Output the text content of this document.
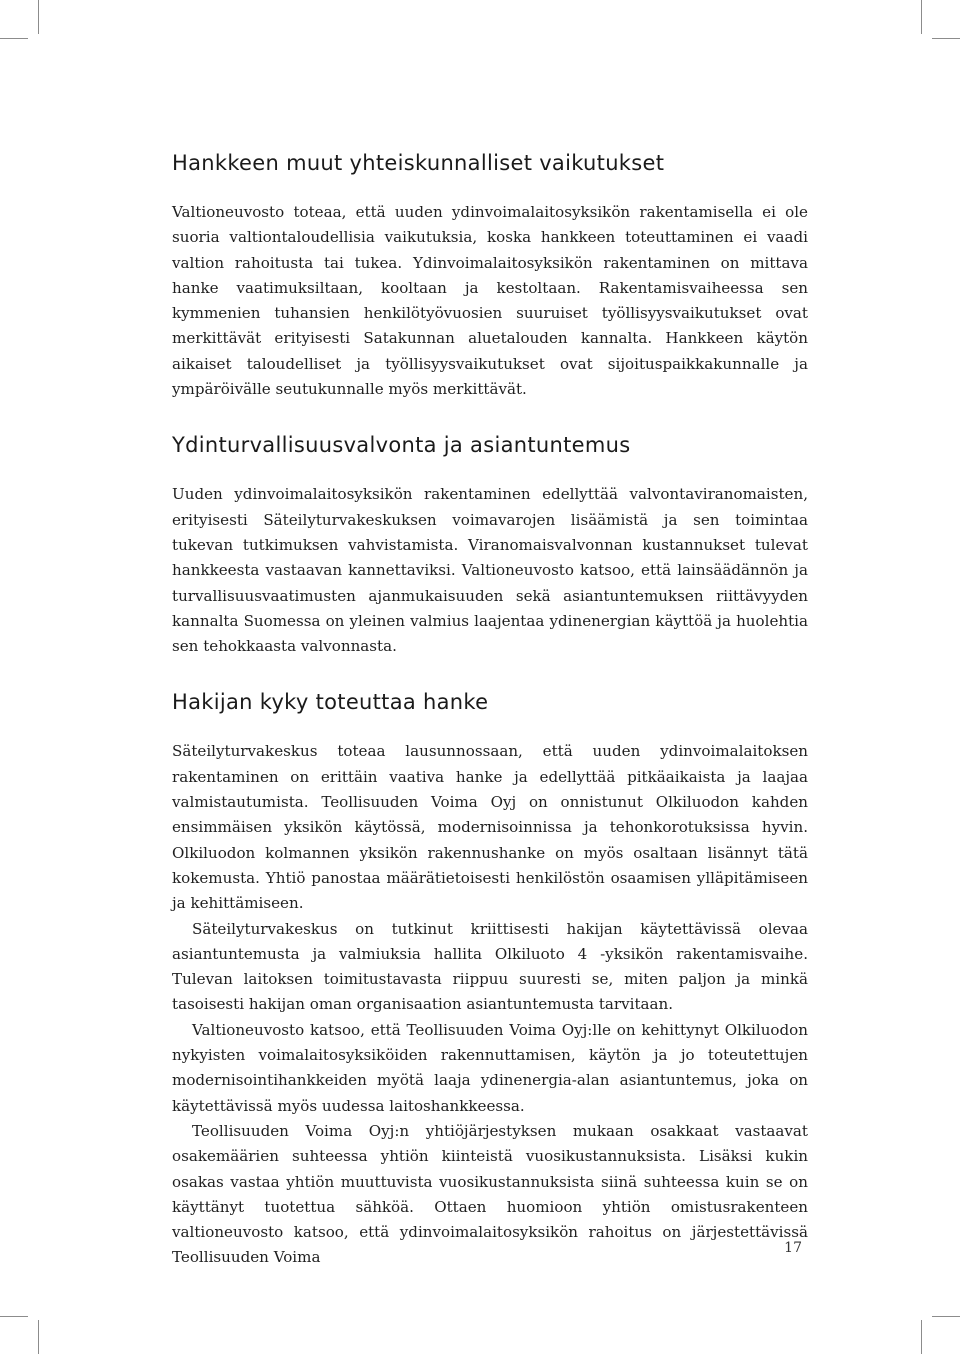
Hankkeen muut yhteiskunnalliset vaikutukset

Valtioneuvosto toteaa, että uuden ydinvoimalaitosyksikön rakentamisella ei ole suoria valtiontaloudellisia vaikutuksia, koska hankkeen toteuttaminen ei vaadi valtion rahoitusta tai tukea. Ydinvoimalaitosyksikön rakentaminen on mittava hanke vaatimuksiltaan, kooltaan ja kestoltaan. Rakentamisvaiheessa sen kymmenien tuhansien henkilötyövuosien suuruiset työllisyysvaikutukset ovat merkittävät erityisesti Satakunnan aluetalouden kannalta. Hankkeen käytön aikaiset taloudelliset ja työllisyysvaikutukset ovat sijoituspaikkakunnalle ja ympäröivälle seutukunnalle myös merkittävät.

Ydinturvallisuusvalvonta ja asiantuntemus

Uuden ydinvoimalaitosyksikön rakentaminen edellyttää valvontaviranomaisten, erityisesti Säteilyturvakeskuksen voimavarojen lisäämistä ja sen toimintaa tukevan tutkimuksen vahvistamista. Viranomaisvalvonnan kustannukset tulevat hankkeesta vastaavan kannettaviksi. Valtioneuvosto katsoo, että lainsäädännön ja turvallisuusvaatimusten ajanmukaisuuden sekä asiantuntemuksen riittävyyden kannalta Suomessa on yleinen valmius laajentaa ydinenergian käyttöä ja huolehtia sen tehokkaasta valvonnasta.

Hakijan kyky toteuttaa hanke

Säteilyturvakeskus toteaa lausunnossaan, että uuden ydinvoimalaitoksen rakentaminen on erittäin vaativa hanke ja edellyttää pitkäaikaista ja laajaa valmistautumista. Teollisuuden Voima Oyj on onnistunut Olkiluodon kahden ensimmäisen yksikön käytössä, modernisoinnissa ja tehonkorotuksissa hyvin. Olkiluodon kolmannen yksikön rakennushanke on myös osaltaan lisännyt tätä kokemusta. Yhtiö panostaa määrätietoisesti henkilöstön osaamisen ylläpitämiseen ja kehittämiseen.

Säteilyturvakeskus on tutkinut kriittisesti hakijan käytettävissä olevaa asiantuntemusta ja valmiuksia hallita Olkiluoto 4 -yksikön rakentamisvaihe. Tulevan laitoksen toimitustavasta riippuu suuresti se, miten paljon ja minkä tasoisesti hakijan oman organisaation asiantuntemusta tarvitaan.

Valtioneuvosto katsoo, että Teollisuuden Voima Oyj:lle on kehittynyt Olkiluodon nykyisten voimalaitosyksiköiden rakennuttamisen, käytön ja jo toteutettujen modernisointihankkeiden myötä laaja ydinenergia-alan asiantuntemus, joka on käytettävissä myös uudessa laitoshankkeessa.

Teollisuuden Voima Oyj:n yhtiöjärjestyksen mukaan osakkaat vastaavat osakemäärien suhteessa yhtiön kiinteistä vuosikustannuksista. Lisäksi kukin osakas vastaa yhtiön muuttuvista vuosikustannuksista siinä suhteessa kuin se on käyttänyt tuotettua sähköä. Ottaen huomioon yhtiön omistusrakenteen valtioneuvosto katsoo, että ydinvoimalaitosyksikön rahoitus on järjestettävissä Teollisuuden Voima

17
